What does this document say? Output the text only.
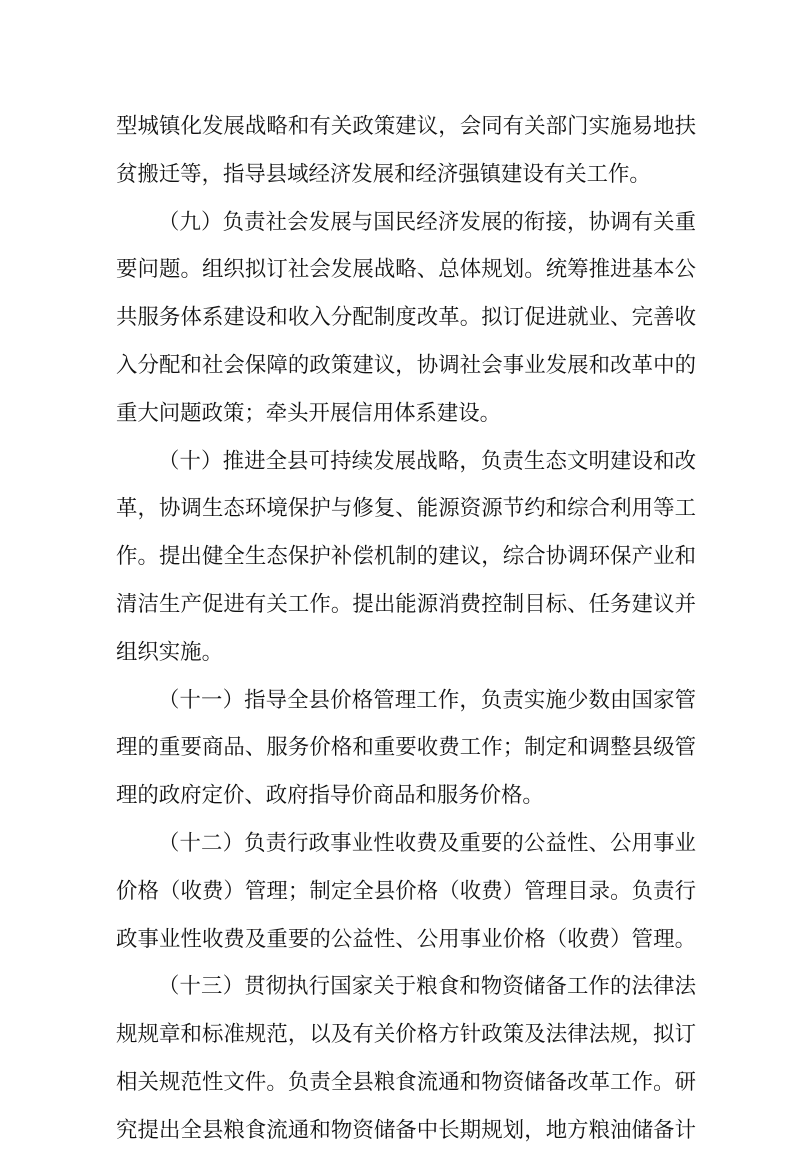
型城镇化发展战略和有关政策建议，会同有关部门实施易地扶
贫搬迁等，指导县域经济发展和经济强镇建设有关工作。
（九）负责社会发展与国民经济发展的衔接，协调有关重
要问题。组织拟订社会发展战略、总体规划。统筹推进基本公
共服务体系建设和收入分配制度改革。拟订促进就业、完善收
入分配和社会保障的政策建议，协调社会事业发展和改革中的
重大问题政策；牵头开展信用体系建设。
（十）推进全县可持续发展战略，负责生态文明建设和改
革，协调生态环境保护与修复、能源资源节约和综合利用等工
作。提出健全生态保护补偿机制的建议，综合协调环保产业和
清洁生产促进有关工作。提出能源消费控制目标、任务建议并
组织实施。
（十一）指导全县价格管理工作，负责实施少数由国家管
理的重要商品、服务价格和重要收费工作；制定和调整县级管
理的政府定价、政府指导价商品和服务价格。
（十二）负责行政事业性收费及重要的公益性、公用事业
价格（收费）管理；制定全县价格（收费）管理目录。负责行
政事业性收费及重要的公益性、公用事业价格（收费）管理。
（十三）贯彻执行国家关于粮食和物资储备工作的法律法
规规章和标准规范，以及有关价格方针政策及法律法规，拟订
相关规范性文件。负责全县粮食流通和物资储备改革工作。研
究提出全县粮食流通和物资储备中长期规划，地方粮油储备计
